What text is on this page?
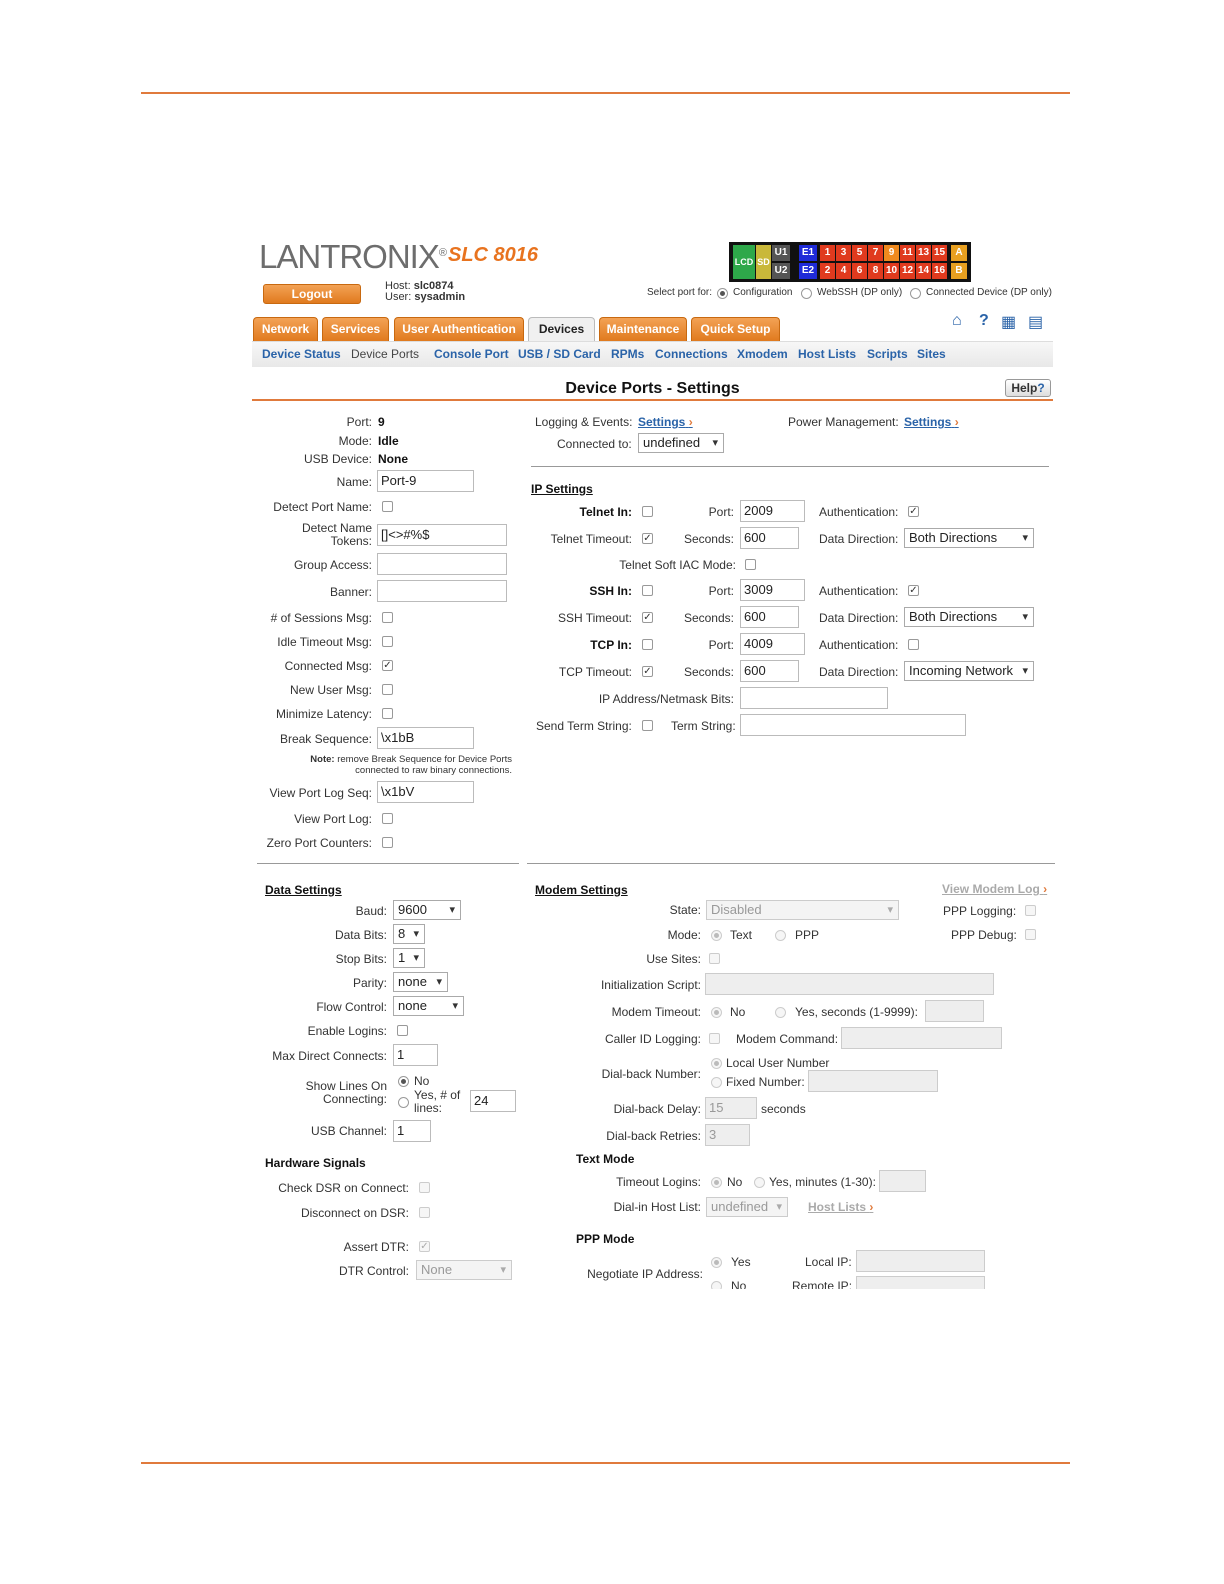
LANTRONIX® SLC 8016
Logout
Host: slc0874
User: sysadmin
LCD SD
U1
U2
E1
E2
1	3	5	7	9 11 13 15
2	4	6	8 10 12 14 16
A
B
Select port for: Configuration WebSSH (DP only) Connected Device (DP only)
Network	Services	User Authentication	Devices	Maintenance	Quick Setup	⌂ ? ▦ ▤
Device Status Device Ports Console Port USB / SD Card RPMs Connections Xmodem Host Lists Scripts Sites
Device Ports - Settings	Help?
Port: 9
Mode: Idle
USB Device: None
Name: Port-9
Detect Port Name:
Detect Name
Tokens: []<>#%$
Group Access:
Banner:
# of Sessions Msg:
Idle Timeout Msg:
Connected Msg: ✓
New User Msg:
Minimize Latency:
Break Sequence: \x1bB
Note: remove Break Sequence for Device Ports
connected to raw binary connections.
View Port Log Seq: \x1bV
View Port Log:
Zero Port Counters:
Logging & Events: Settings ›	Power Management: Settings ›
Connected to: undefined ▾
IP Settings
Telnet In:	Port: 2009	Authentication: ✓
Telnet Timeout: ✓	Seconds: 600	Data Direction: Both Directions ▾
Telnet Soft IAC Mode:
SSH In:	Port: 3009	Authentication: ✓
SSH Timeout: ✓	Seconds: 600	Data Direction: Both Directions ▾
TCP In:	Port: 4009	Authentication:
TCP Timeout: ✓	Seconds: 600	Data Direction: Incoming Network ▾
IP Address/Netmask Bits:
Send Term String:	Term String:
Data Settings
Baud: 9600 ▾
Data Bits: 8 ▾
Stop Bits: 1 ▾
Parity: none ▾
Flow Control: none ▾
Enable Logins:
Max Direct Connects: 1
Show Lines On
Connecting:
No
Yes, # of
lines:	24
USB Channel: 1
Hardware Signals
Check DSR on Connect:
Disconnect on DSR:
Assert DTR: ✓
DTR Control: None ▾
Modem Settings	View Modem Log ›
State: Disabled ▾	PPP Logging:
PPP Debug:
Mode: Text	PPP
Use Sites:
Initialization Script:
Modem Timeout: No	Yes, seconds (1-9999):
Caller ID Logging:	Modem Command:
Dial-back Number:
Local User Number
Fixed Number:
Dial-back Delay: 15	seconds
Dial-back Retries: 3
Text Mode
Timeout Logins: No Yes, minutes (1-30):
Dial-in Host List: undefined ▾	Host Lists ›
PPP Mode
Negotiate IP Address:
Yes	Local IP:
No	Remote IP:
